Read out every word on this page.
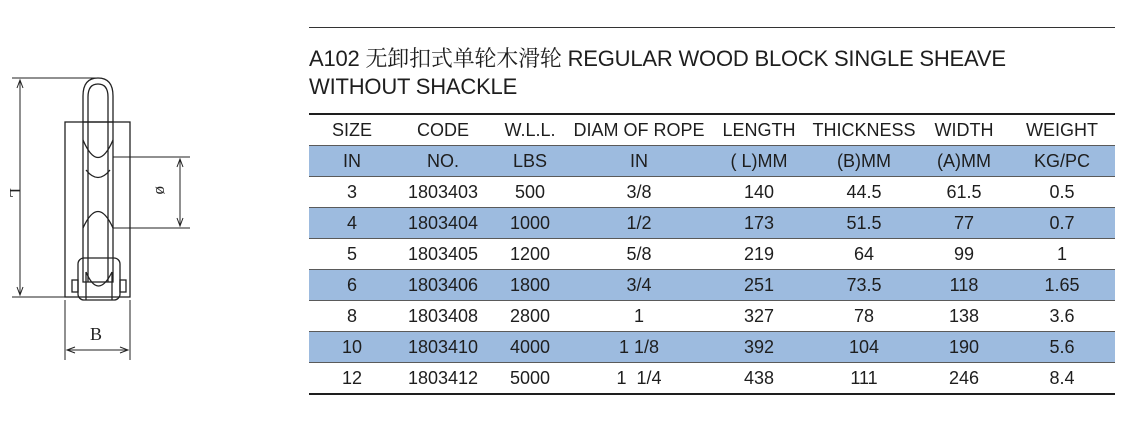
L	ø
B
A102 无卸扣式单轮木滑轮 REGULAR WOOD BLOCK SINGLE SHEAVE
WITHOUT SHACKLE
SIZE	CODE	W.L.L.	DIAM OF ROPE	LENGTH	THICKNESS	WIDTH	WEIGHT
IN	NO.	LBS	IN	( L)MM	(B)MM	(A)MM	KG/PC
3	1803403	500	3/8	140	44.5	61.5	0.5
4	1803404	1000	1/2	173	51.5	77	0.7
5	1803405	1200	5/8	219	64	99	1
6	1803406	1800	3/4	251	73.5	118	1.65
8	1803408	2800	1	327	78	138	3.6
10	1803410	4000	1 1/8	392	104	190	5.6
12	1803412	5000	1  1/4	438	111	246	8.4
